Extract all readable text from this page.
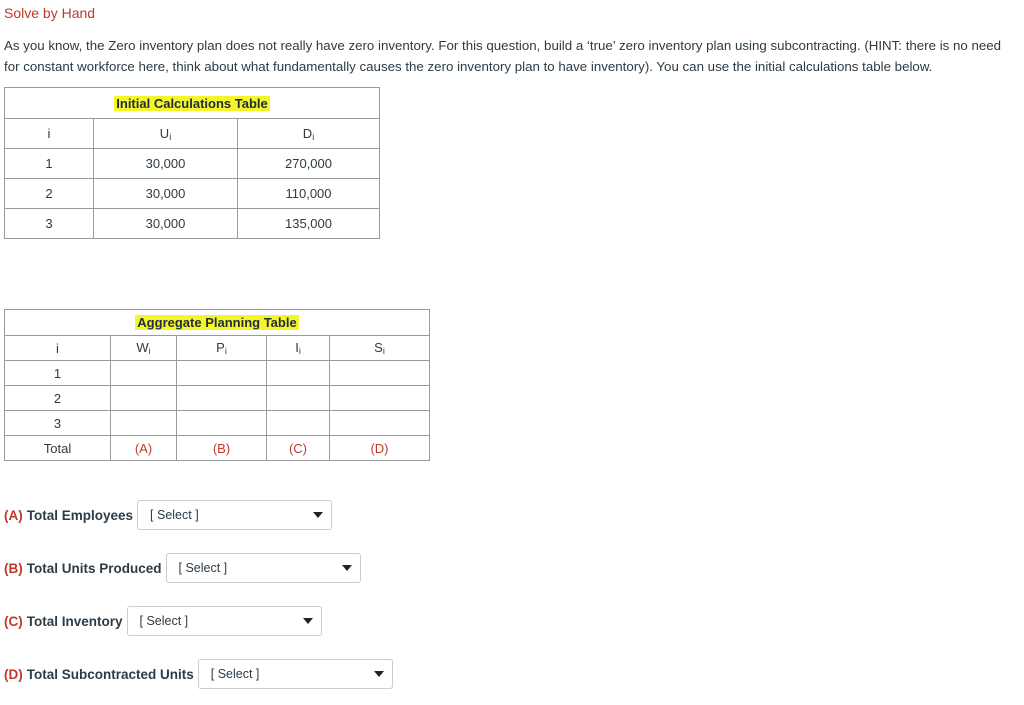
Solve by Hand
As you know, the Zero inventory plan does not really have zero inventory. For this question, build a ‘true’ zero inventory plan using subcontracting. (HINT: there is no need for constant workforce here, think about what fundamentally causes the zero inventory plan to have inventory). You can use the initial calculations table below.
Initial Calculations Table		
i	$U_i$	$D_i$
1	30,000	270,000
2	30,000	110,000
3	30,000	135,000
Aggregate Planning Table				
i	$W_i$	$P_i$	$I_i$	$S_i$
1				
2				
3				
Total	(A)	(B)	(C)	(D)
(A) Total Employees [ Select ]
(B) Total Units Produced [ Select ]
(C) Total Inventory [ Select ]
(D) Total Subcontracted Units [ Select ]
